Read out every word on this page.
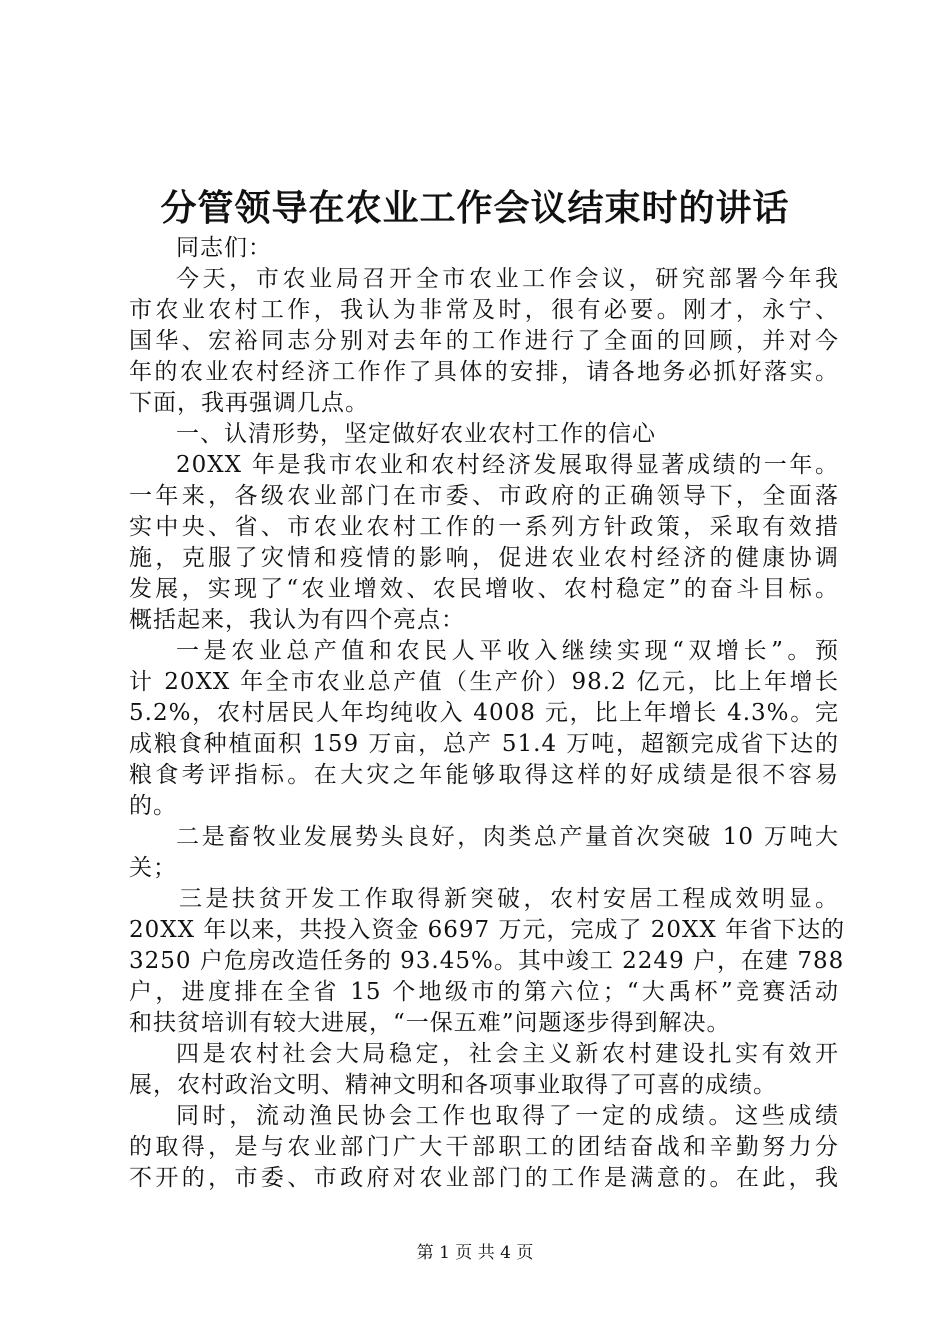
分管领导在农业工作会议结束时的讲话
同志们：
今天，市农业局召开全市农业工作会议，研究部署今年我
市农业农村工作，我认为非常及时，很有必要。刚才，永宁、
国华、宏裕同志分别对去年的工作进行了全面的回顾，并对今
年的农业农村经济工作作了具体的安排，请各地务必抓好落实。
下面，我再强调几点。
一、认清形势，坚定做好农业农村工作的信心
20XX 年是我市农业和农村经济发展取得显著成绩的一年。
一年来，各级农业部门在市委、市政府的正确领导下，全面落
实中央、省、市农业农村工作的一系列方针政策，采取有效措
施，克服了灾情和疫情的影响，促进农业农村经济的健康协调
发展，实现了“农业增效、农民增收、农村稳定”的奋斗目标。
概括起来，我认为有四个亮点：
一是农业总产值和农民人平收入继续实现“双增长”。预
计 20XX 年全市农业总产值（生产价）98.2 亿元，比上年增长
5.2%，农村居民人年均纯收入 4008 元，比上年增长 4.3%。完
成粮食种植面积 159 万亩，总产 51.4 万吨，超额完成省下达的
粮食考评指标。在大灾之年能够取得这样的好成绩是很不容易
的。
二是畜牧业发展势头良好，肉类总产量首次突破 10 万吨大
关；
三是扶贫开发工作取得新突破，农村安居工程成效明显。
20XX 年以来，共投入资金 6697 万元，完成了 20XX 年省下达的
3250 户危房改造任务的 93.45%。其中竣工 2249 户，在建 788
户，进度排在全省 15 个地级市的第六位；“大禹杯”竞赛活动
和扶贫培训有较大进展，“一保五难”问题逐步得到解决。
四是农村社会大局稳定，社会主义新农村建设扎实有效开
展，农村政治文明、精神文明和各项事业取得了可喜的成绩。
同时，流动渔民协会工作也取得了一定的成绩。这些成绩
的取得，是与农业部门广大干部职工的团结奋战和辛勤努力分
不开的，市委、市政府对农业部门的工作是满意的。在此，我
第 1 页 共 4 页
